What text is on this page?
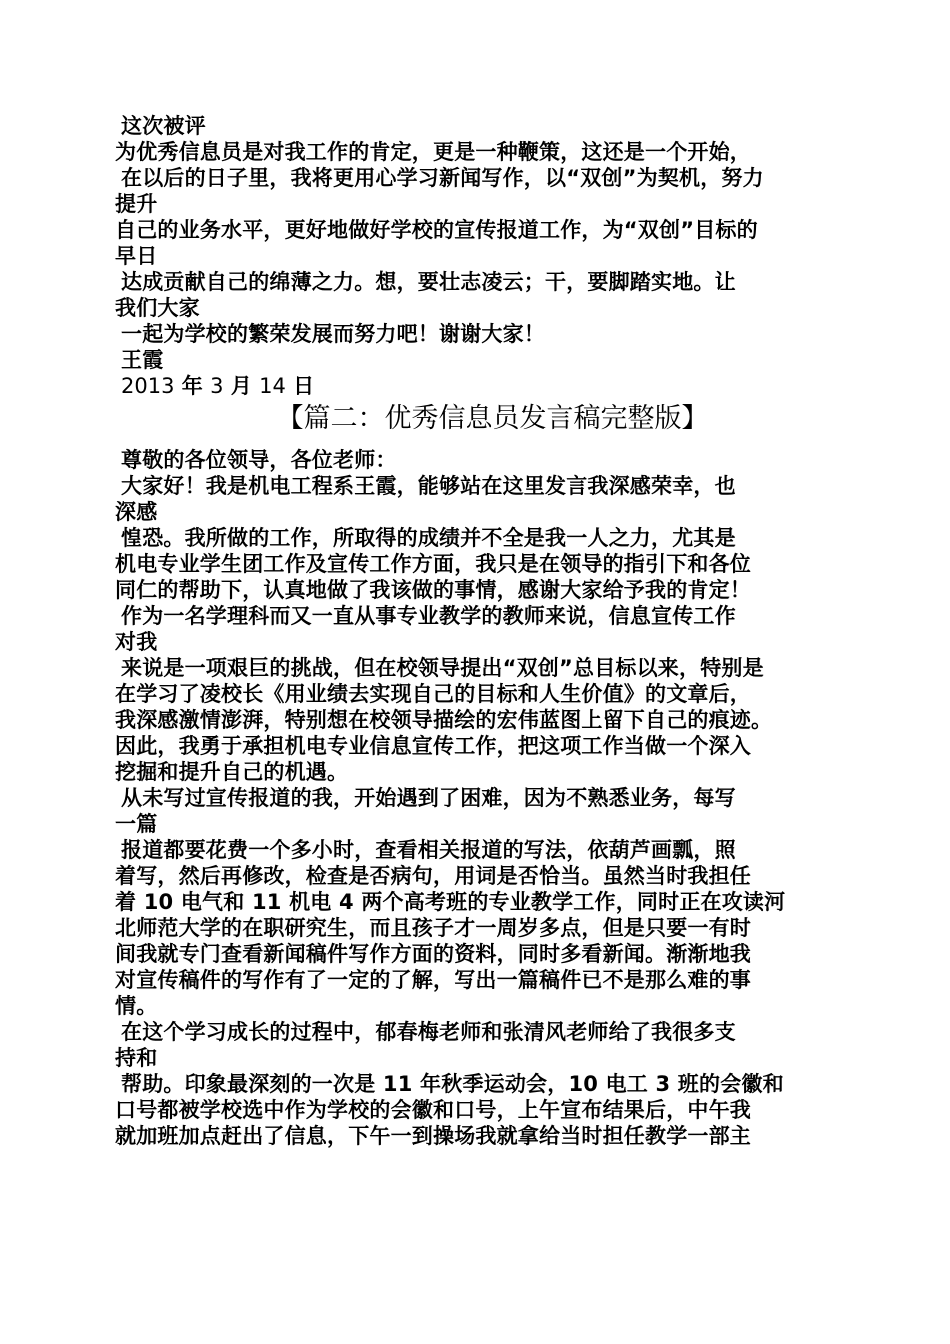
这次被评
为优秀信息员是对我工作的肯定，更是一种鞭策，这还是一个开始，
在以后的日子里，我将更用心学习新闻写作，以“双创”为契机，努力
提升
自己的业务水平，更好地做好学校的宣传报道工作，为“双创”目标的
早日
达成贡献自己的绵薄之力。想，要壮志凌云；干，要脚踏实地。让
我们大家
一起为学校的繁荣发展而努力吧！谢谢大家！
王霞
2013 年 3 月 14 日
【篇二：优秀信息员发言稿完整版】
尊敬的各位领导，各位老师：
大家好！我是机电工程系王霞，能够站在这里发言我深感荣幸，也
深感
惶恐。我所做的工作，所取得的成绩并不全是我一人之力，尤其是
机电专业学生团工作及宣传工作方面，我只是在领导的指引下和各位
同仁的帮助下，认真地做了我该做的事情，感谢大家给予我的肯定！
作为一名学理科而又一直从事专业教学的教师来说，信息宣传工作
对我
来说是一项艰巨的挑战，但在校领导提出“双创”总目标以来，特别是
在学习了凌校长《用业绩去实现自己的目标和人生价值》的文章后，
我深感激情澎湃，特别想在校领导描绘的宏伟蓝图上留下自己的痕迹。
因此，我勇于承担机电专业信息宣传工作，把这项工作当做一个深入
挖掘和提升自己的机遇。
从未写过宣传报道的我，开始遇到了困难，因为不熟悉业务，每写
一篇
报道都要花费一个多小时，查看相关报道的写法，依葫芦画瓢，照
着写，然后再修改，检查是否病句，用词是否恰当。虽然当时我担任
着 10 电气和 11 机电 4 两个高考班的专业教学工作，同时正在攻读河
北师范大学的在职研究生，而且孩子才一周岁多点，但是只要一有时
间我就专门查看新闻稿件写作方面的资料，同时多看新闻。渐渐地我
对宣传稿件的写作有了一定的了解，写出一篇稿件已不是那么难的事
情。
在这个学习成长的过程中，郁春梅老师和张清风老师给了我很多支
持和
帮助。印象最深刻的一次是 11 年秋季运动会，10 电工 3 班的会徽和
口号都被学校选中作为学校的会徽和口号，上午宣布结果后，中午我
就加班加点赶出了信息，下午一到操场我就拿给当时担任教学一部主
